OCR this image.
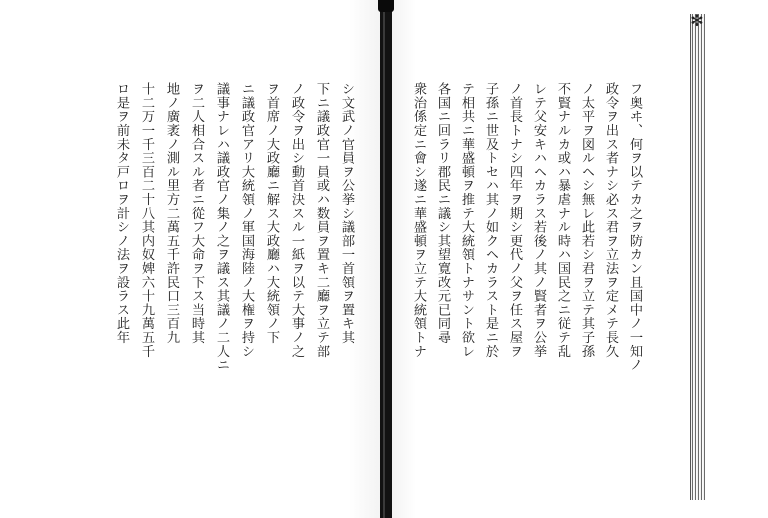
✻
フ奥ヰ、何ヲ以テカ之ヲ防カン且国中ノ一知ノ
政令ヲ出ス者ナシ必ス君ヲ立法ヲ定メテ長久
ノ太平ヲ図ルヘシ無レ此若シ君ヲ立テ其子孫
不賢ナルカ或ハ暴虐ナル時ハ国民之ニ従テ乱
レテ父安キハヘカラス若後ノ其ノ賢者ヲ公挙
ノ首長トナシ四年ヲ期シ更代ノ父ヲ任ス屋ヲ
子孫ニ世及トセハ其ノ如クヘカラスト是ニ於
テ相共ニ華盛頓ヲ推テ大統領トナサント欲レ
各国ニ回ラリ郡民ニ議シ其望寛改元已同尋
衆治係定ニ會シ遂ニ華盛頓ヲ立テ大統領トナ
シ文武ノ官員ヲ公挙シ議部一首領ヲ置キ其
下ニ議政官一員或ハ数員ヲ置キ二廳ヲ立テ部
ノ政令ヲ出シ動首決スル一紙ヲ以テ大事ノ之
ヲ首席ノ大政廳ニ解ス大政廳ハ大統領ノ下
ニ議政官アリ大統領ノ軍国海陸ノ大権ヲ持シ
議事ナレハ議政官ノ集ノ之ヲ議ス其議ノ二人ニ
ヲ二人相合スル者ニ從フ大命ヲ下ス当時其
地ノ廣袤ノ測ル里方二萬五千許民口三百九
十二万一千三百二十八其内奴婢六十九萬五千
ロ是ヲ前未タ戸ロヲ計シノ法ヲ設ラス此年
